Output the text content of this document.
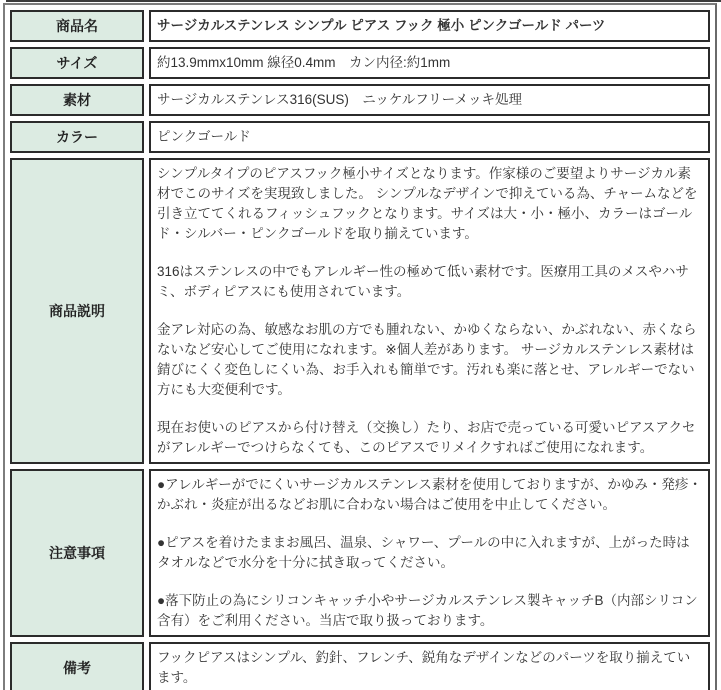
商品名	サージカルステンレス シンプル ピアス フック 極小 ピンクゴールド パーツ
サイズ	約13.9mmx10mm 線径0.4mm　カン内径:約1mm
素材	サージカルステンレス316(SUS)　ニッケルフリーメッキ処理
カラー	ピンクゴールド
商品説明	シンプルタイプのピアスフック極小サイズとなります。作家様のご要望よりサージカル素材でこのサイズを実現致しました。 シンプルなデザインで抑えている為、チャームなどを引き立ててくれるフィッシュフックとなります。サイズは大・小・極小、カラーはゴールド・シルバー・ピンクゴールドを取り揃えています。
316はステンレスの中でもアレルギー性の極めて低い素材です。医療用工具のメスやハサミ、ボディピアスにも使用されています。
金アレ対応の為、敏感なお肌の方でも腫れない、かゆくならない、かぶれない、赤くならないなど安心してご使用になれます。※個人差があります。 サージカルステンレス素材は錆びにくく変色しにくい為、お手入れも簡単です。汚れも楽に落とせ、アレルギーでない方にも大変便利です。
現在お使いのピアスから付け替え（交換し）たり、お店で売っている可愛いピアスアクセがアレルギーでつけらなくても、このピアスでリメイクすればご使用になれます。

注意事項	●アレルギーがでにくいサージカルステンレス素材を使用しておりますが、かゆみ・発疹・かぶれ・炎症が出るなどお肌に合わない場合はご使用を中止してください。
●ピアスを着けたままお風呂、温泉、シャワー、プールの中に入れますが、上がった時はタオルなどで水分を十分に拭き取ってください。
●落下防止の為にシリコンキャッチ小やサージカルステンレス製キャッチB（内部シリコン含有）をご利用ください。当店で取り扱っております。

備考	フックピアスはシンプル、釣針、フレンチ、鋭角なデザインなどのパーツを取り揃えています。
